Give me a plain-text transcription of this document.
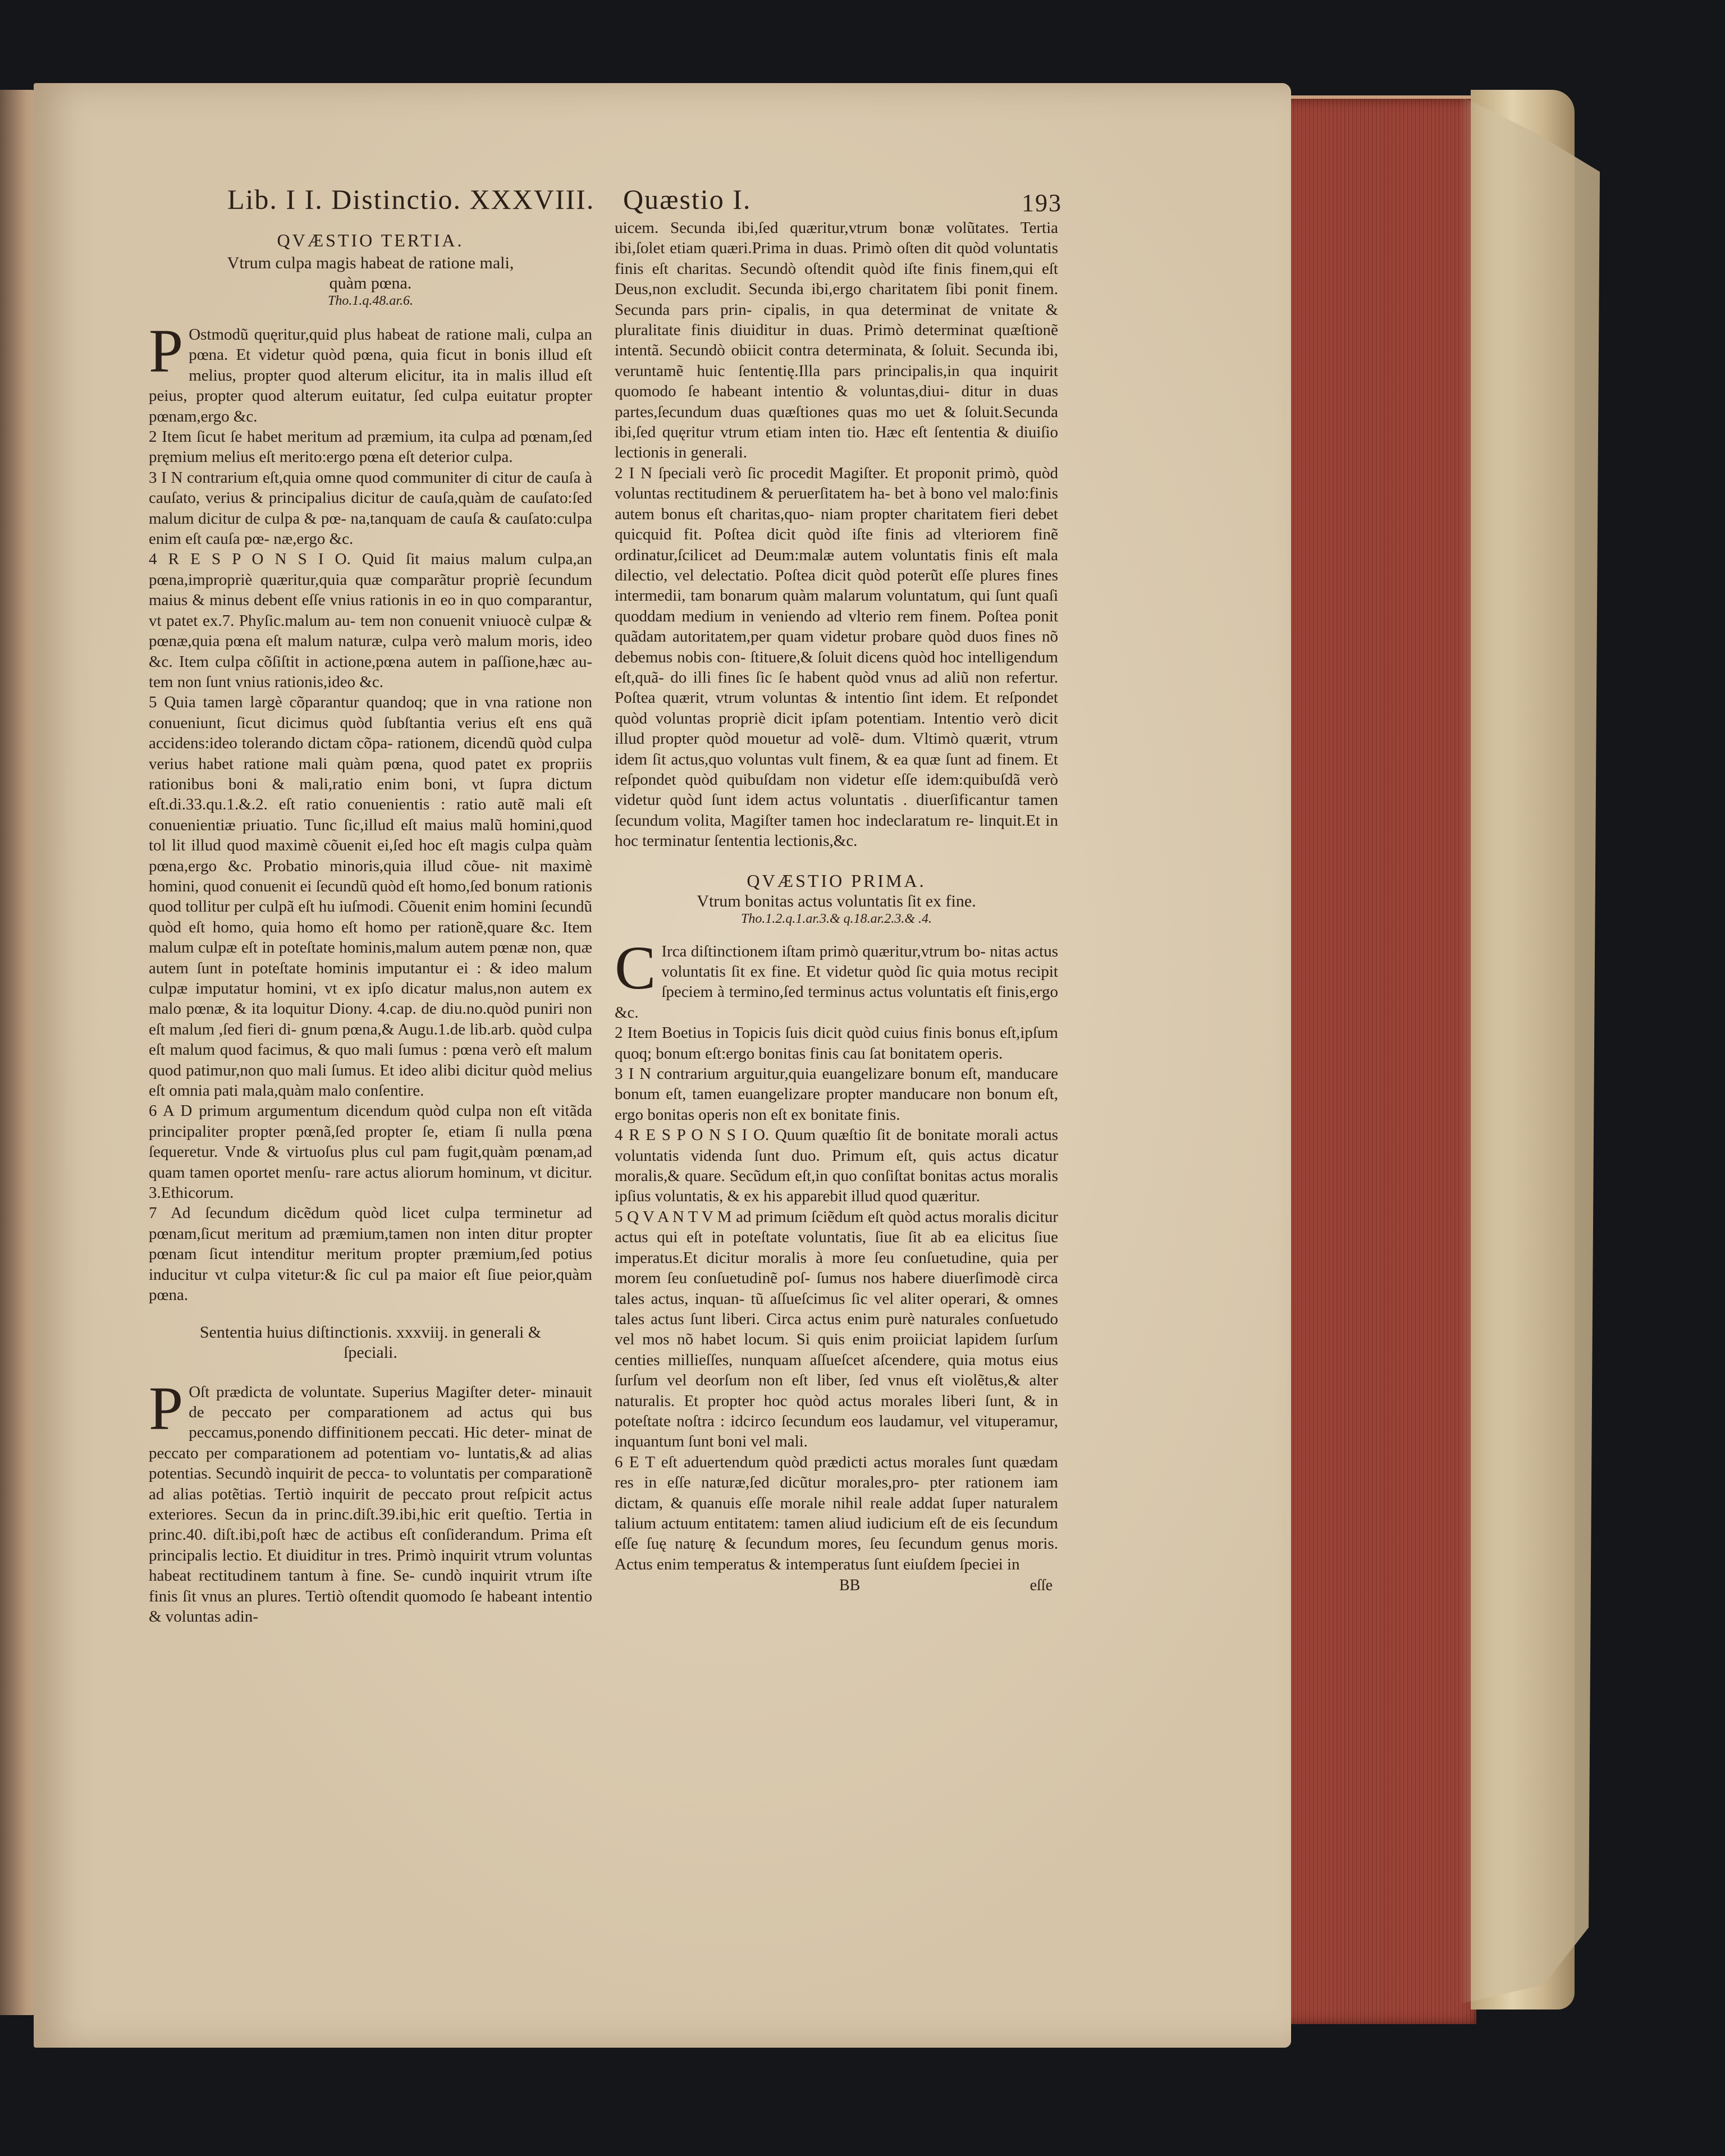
Lib. I I. Distinctio. XXXVIII. Quæstio I.	193
QVÆSTIO TERTIA.
Vtrum culpa magis habeat de ratione mali, quàm pœna.
Tho.1.q.48.ar.6.
P Ostmodũ quęritur,quid plus habeat de ratione mali, culpa an pœna. Et videtur quòd pœna, quia ficut in bonis illud eſt melius, propter quod alterum elicitur, ita in malis illud eſt peius, propter quod alterum euitatur, ſed culpa euitatur propter pœnam,ergo &c.

2 Item ſicut ſe habet meritum ad præmium, ita culpa ad pœnam,ſed pręmium melius eſt merito:ergo pœna eſt deterior culpa.

3 I N contrarium eſt,quia omne quod communiter di citur de cauſa à cauſato, verius & principalius dicitur de cauſa,quàm de cauſato:ſed malum dicitur de culpa & pœ- na,tanquam de cauſa & cauſato:culpa enim eſt cauſa pœ- næ,ergo &c.

4 R E S P O N S I O. Quid ſit maius malum culpa,an pœna,impropriè quæritur,quia quæ comparãtur propriè ſecundum maius & minus debent eſſe vnius rationis in eo in quo comparantur, vt patet ex.7. Phyſic.malum au- tem non conuenit vniuocè culpæ & pœnæ,quia pœna eſt malum naturæ, culpa verò malum moris, ideo &c. Item culpa cõſiſtit in actione,pœna autem in paſſione,hæc au- tem non ſunt vnius rationis,ideo &c.

5 Quia tamen largè cõparantur quandoq; que in vna ratione non conueniunt, ſicut dicimus quòd ſubſtantia verius eſt ens quã accidens:ideo tolerando dictam cõpa- rationem, dicendũ quòd culpa verius habet ratione mali quàm pœna, quod patet ex propriis rationibus boni & mali,ratio enim boni, vt ſupra dictum eſt.di.33.qu.1.&.2. eſt ratio conuenientis : ratio autẽ mali eſt conuenientiæ priuatio. Tunc ſic,illud eſt maius malũ homini,quod tol lit illud quod maximè cõuenit ei,ſed hoc eſt magis culpa quàm pœna,ergo &c. Probatio minoris,quia illud cõue- nit maximè homini, quod conuenit ei ſecundũ quòd eſt homo,ſed bonum rationis quod tollitur per culpã eſt hu iuſmodi. Cõuenit enim homini ſecundũ quòd eſt homo, quia homo eſt homo per rationẽ,quare &c. Item malum culpæ eſt in poteſtate hominis,malum autem pœnæ non, quæ autem ſunt in poteſtate hominis imputantur ei : & ideo malum culpæ imputatur homini, vt ex ipſo dicatur malus,non autem ex malo pœnæ, & ita loquitur Diony. 4.cap. de diu.no.quòd puniri non eſt malum ,ſed fieri di- gnum pœna,& Augu.1.de lib.arb. quòd culpa eſt malum quod facimus, & quo mali ſumus : pœna verò eſt malum quod patimur,non quo mali ſumus. Et ideo alibi dicitur quòd melius eſt omnia pati mala,quàm malo conſentire.

6 A D primum argumentum dicendum quòd culpa non eſt vitãda principaliter propter pœnã,ſed propter ſe, etiam ſi nulla pœna ſequeretur. Vnde & virtuoſus plus cul pam fugit,quàm pœnam,ad quam tamen oportet menſu- rare actus aliorum hominum, vt dicitur. 3.Ethicorum.

7 Ad ſecundum dicẽdum quòd licet culpa terminetur ad pœnam,ſicut meritum ad præmium,tamen non inten ditur propter pœnam ſicut intenditur meritum propter præmium,ſed potius inducitur vt culpa vitetur:& ſic cul pa maior eſt ſiue peior,quàm pœna.

Sententia huius diſtinctionis. xxxviij. in generali & ſpeciali.
P Oſt prædicta de voluntate. Superius Magiſter deter- minauit de peccato per comparationem ad actus qui bus peccamus,ponendo diffinitionem peccati. Hic deter- minat de peccato per comparationem ad potentiam vo- luntatis,& ad alias potentias. Secundò inquirit de pecca- to voluntatis per comparationẽ ad alias potẽtias. Tertiò inquirit de peccato prout reſpicit actus exteriores. Secun da in princ.diſt.39.ibi,hic erit queſtio. Tertia in princ.40. diſt.ibi,poſt hæc de actibus eſt conſiderandum. Prima eſt principalis lectio. Et diuiditur in tres. Primò inquirit vtrum voluntas habeat rectitudinem tantum à fine. Se- cundò inquirit vtrum iſte finis ſit vnus an plures. Tertiò oſtendit quomodo ſe habeant intentio & voluntas adin-

uicem. Secunda ibi,ſed quæritur,vtrum bonæ volũtates. Tertia ibi,ſolet etiam quæri.Prima in duas. Primò oſten dit quòd voluntatis finis eſt charitas. Secundò oſtendit quòd iſte finis finem,qui eſt Deus,non excludit. Secunda ibi,ergo charitatem ſibi ponit finem. Secunda pars prin- cipalis, in qua determinat de vnitate & pluralitate finis diuiditur in duas. Primò determinat quæſtionẽ intentã. Secundò obiicit contra determinata, & ſoluit. Secunda ibi, veruntamẽ huic ſententię.Illa pars principalis,in qua inquirit quomodo ſe habeant intentio & voluntas,diui- ditur in duas partes,ſecundum duas quæſtiones quas mo uet & ſoluit.Secunda ibi,ſed quęritur vtrum etiam inten tio. Hæc eſt ſententia & diuiſio lectionis in generali.

2 I N ſpeciali verò ſic procedit Magiſter. Et proponit primò, quòd voluntas rectitudinem & peruerſitatem ha- bet à bono vel malo:finis autem bonus eſt charitas,quo- niam propter charitatem fieri debet quicquid fit. Poſtea dicit quòd iſte finis ad vlteriorem finẽ ordinatur,ſcilicet ad Deum:malæ autem voluntatis finis eſt mala dilectio, vel delectatio. Poſtea dicit quòd poterũt eſſe plures fines intermedii, tam bonarum quàm malarum voluntatum, qui ſunt quaſi quoddam medium in veniendo ad vlterio rem finem. Poſtea ponit quãdam autoritatem,per quam videtur probare quòd duos fines nõ debemus nobis con- ſtituere,& ſoluit dicens quòd hoc intelligendum eſt,quã- do illi fines ſic ſe habent quòd vnus ad aliũ non refertur. Poſtea quærit, vtrum voluntas & intentio ſint idem. Et reſpondet quòd voluntas propriè dicit ipſam potentiam. Intentio verò dicit illud propter quòd mouetur ad volẽ- dum. Vltimò quærit, vtrum idem ſit actus,quo voluntas vult finem, & ea quæ ſunt ad finem. Et reſpondet quòd quibuſdam non videtur eſſe idem:quibuſdã verò videtur quòd ſunt idem actus voluntatis . diuerſificantur tamen ſecundum volita, Magiſter tamen hoc indeclaratum re- linquit.Et in hoc terminatur ſententia lectionis,&c.

QVÆSTIO PRIMA.
Vtrum bonitas actus voluntatis ſit ex fine.
Tho.1.2.q.1.ar.3.& q.18.ar.2.3.& .4.
C Irca diſtinctionem iſtam primò quæritur,vtrum bo- nitas actus voluntatis ſit ex fine. Et videtur quòd ſic quia motus recipit ſpeciem à termino,ſed terminus actus voluntatis eſt finis,ergo &c.

2 Item Boetius in Topicis ſuis dicit quòd cuius finis bonus eſt,ipſum quoq; bonum eſt:ergo bonitas finis cau ſat bonitatem operis.

3 I N contrarium arguitur,quia euangelizare bonum eſt, manducare bonum eſt, tamen euangelizare propter manducare non bonum eſt, ergo bonitas operis non eſt ex bonitate finis.

4 R E S P O N S I O. Quum quæſtio ſit de bonitate morali actus voluntatis videnda ſunt duo. Primum eſt, quis actus dicatur moralis,& quare. Secũdum eſt,in quo conſiſtat bonitas actus moralis ipſius voluntatis, & ex his apparebit illud quod quæritur.

5 Q V A N T V M ad primum ſciẽdum eſt quòd actus moralis dicitur actus qui eſt in poteſtate voluntatis, ſiue ſit ab ea elicitus ſiue imperatus.Et dicitur moralis à more ſeu conſuetudine, quia per morem ſeu conſuetudinẽ poſ- ſumus nos habere diuerſimodè circa tales actus, inquan- tũ aſſueſcimus ſic vel aliter operari, & omnes tales actus ſunt liberi. Circa actus enim purè naturales conſuetudo vel mos nõ habet locum. Si quis enim proiiciat lapidem ſurſum centies millieſſes, nunquam aſſueſcet aſcendere, quia motus eius ſurſum vel deorſum non eſt liber, ſed vnus eſt violẽtus,& alter naturalis. Et propter hoc quòd actus morales liberi ſunt, & in poteſtate noſtra : idcirco ſecundum eos laudamur, vel vituperamur, inquantum ſunt boni vel mali.

6 E T eſt aduertendum quòd prædicti actus morales ſunt quædam res in eſſe naturæ,ſed dicũtur morales,pro- pter rationem iam dictam, & quanuis eſſe morale nihil reale addat ſuper naturalem talium actuum entitatem: tamen aliud iudicium eſt de eis ſecundum eſſe ſuę naturę & ſecundum mores, ſeu ſecundum genus moris. Actus enim temperatus & intemperatus ſunt eiuſdem ſpeciei in

BB	eſſe
